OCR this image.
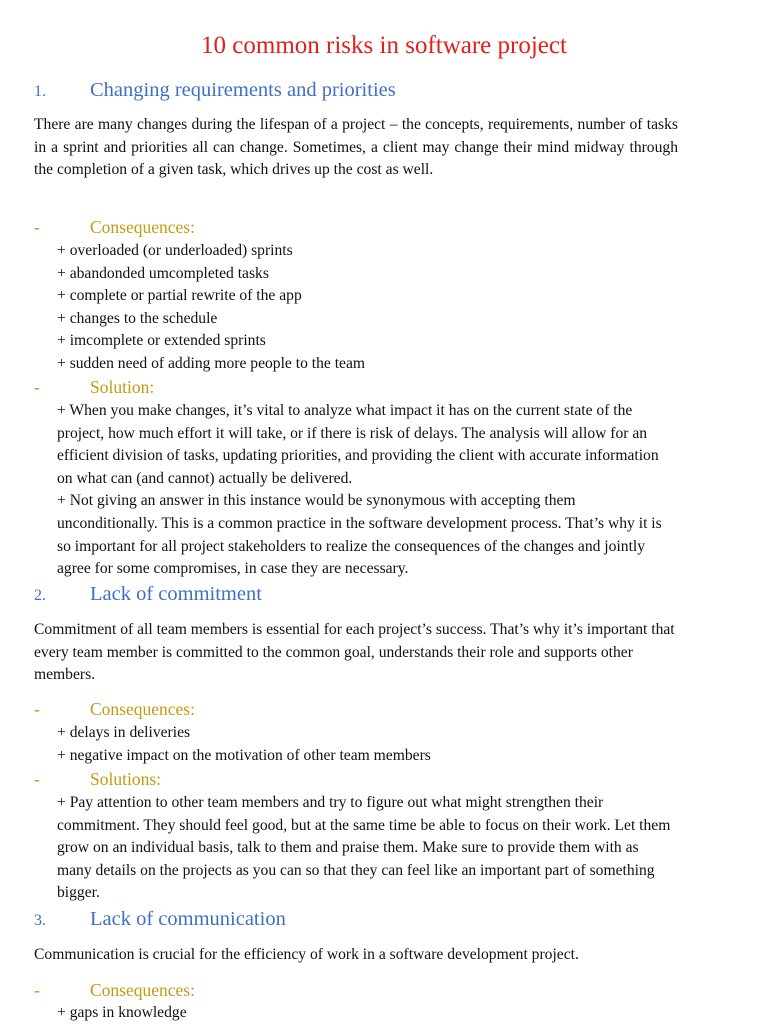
10 common risks in software project
1. Changing requirements and priorities

There are many changes during the lifespan of a project – the concepts, requirements, number of tasks in a sprint and priorities all can change. Sometimes, a client may change their mind midway through the completion of a given task, which drives up the cost as well.

-	Consequences:
+ overloaded (or underloaded) sprints
+ abandonded umcompleted tasks
+ complete or partial rewrite of the app
+ changes to the schedule
+ imcomplete or extended sprints
+ sudden need of adding more people to the team
-	Solution:
+ When you make changes, it’s vital to analyze what impact it has on the current state of the project, how much effort it will take, or if there is risk of delays. The analysis will allow for an efficient division of tasks, updating priorities, and providing the client with accurate information on what can (and cannot) actually be delivered.
+ Not giving an answer in this instance would be synonymous with accepting them unconditionally. This is a common practice in the software development process. That’s why it is so important for all project stakeholders to realize the consequences of the changes and jointly agree for some compromises, in case they are necessary.
2. Lack of commitment

Commitment of all team members is essential for each project’s success. That’s why it’s important that every team member is committed to the common goal, understands their role and supports other members.

-	Consequences:
+ delays in deliveries
+ negative impact on the motivation of other team members
-	Solutions:
+ Pay attention to other team members and try to figure out what might strengthen their commitment. They should feel good, but at the same time be able to focus on their work. Let them grow on an individual basis, talk to them and praise them. Make sure to provide them with as many details on the projects as you can so that they can feel like an important part of something bigger.
3. Lack of communication

Communication is crucial for the efficiency of work in a software development project.

-	Consequences:
+ gaps in knowledge
